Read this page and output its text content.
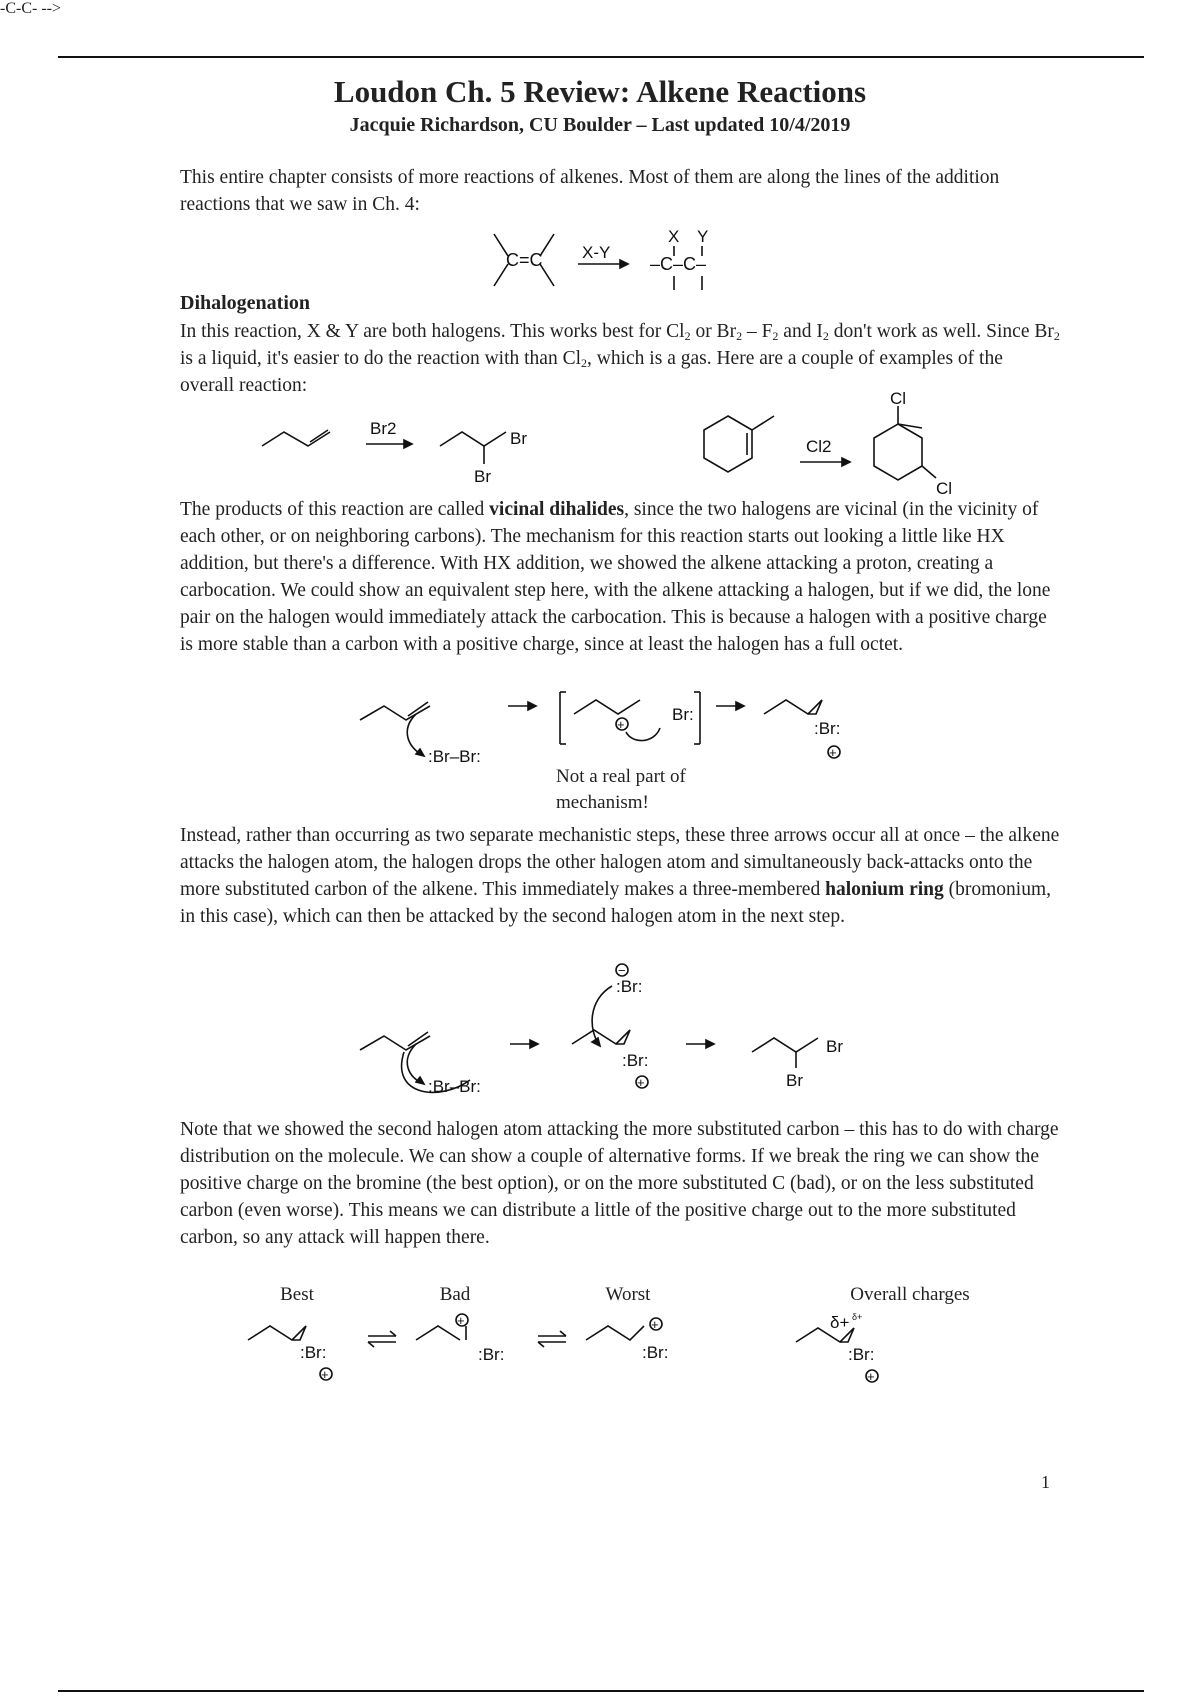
Loudon Ch. 5 Review: Alkene Reactions
Jacquie Richardson, CU Boulder – Last updated 10/4/2019
This entire chapter consists of more reactions of alkenes. Most of them are along the lines of the addition reactions that we saw in Ch. 4:
-C-C- -->
C=C X-Y
X Y
–C–C–
Dihalogenation
In this reaction, X & Y are both halogens. This works best for $Cl_2$ or $Br_2 - F_2$ and $I_2$ don't work as well. Since $Br_2$ is a liquid, it's easier to do the reaction with than $Cl_2$, which is a gas. Here are a couple of examples of the overall reaction:
Br2
Br
Br
Cl2
Cl
Cl
The products of this reaction are called vicinal dihalides, since the two halogens are vicinal (in the vicinity of each other, or on neighboring carbons). The mechanism for this reaction starts out looking a little like HX addition, but there's a difference. With HX addition, we showed the alkene attacking a proton, creating a carbocation. We could show an equivalent step here, with the alkene attacking a halogen, but if we did, the lone pair on the halogen would immediately attack the carbocation. This is because a halogen with a positive charge is more stable than a carbon with a positive charge, since at least the halogen has a full octet.
:Br–Br:
+
Br:
:Br:
+
Not a real part of mechanism!
Instead, rather than occurring as two separate mechanistic steps, these three arrows occur all at once – the alkene attacks the halogen atom, the halogen drops the other halogen atom and simultaneously back-attacks onto the more substituted carbon of the alkene. This immediately makes a three-membered halonium ring (bromonium, in this case), which can then be attacked by the second halogen atom in the next step.
:Br–Br:
−
:Br:
:Br:
+
Br
Br
Note that we showed the second halogen atom attacking the more substituted carbon – this has to do with charge distribution on the molecule. We can show a couple of alternative forms. If we break the ring we can show the positive charge on the bromine (the best option), or on the more substituted C (bad), or on the less substituted carbon (even worse). This means we can distribute a little of the positive charge out to the more substituted carbon, so any attack will happen there.
Best	Bad	Worst	Overall charges
:Br:
+
+
:Br:
+
:Br:
δ+ δ+
:Br:
+
1
